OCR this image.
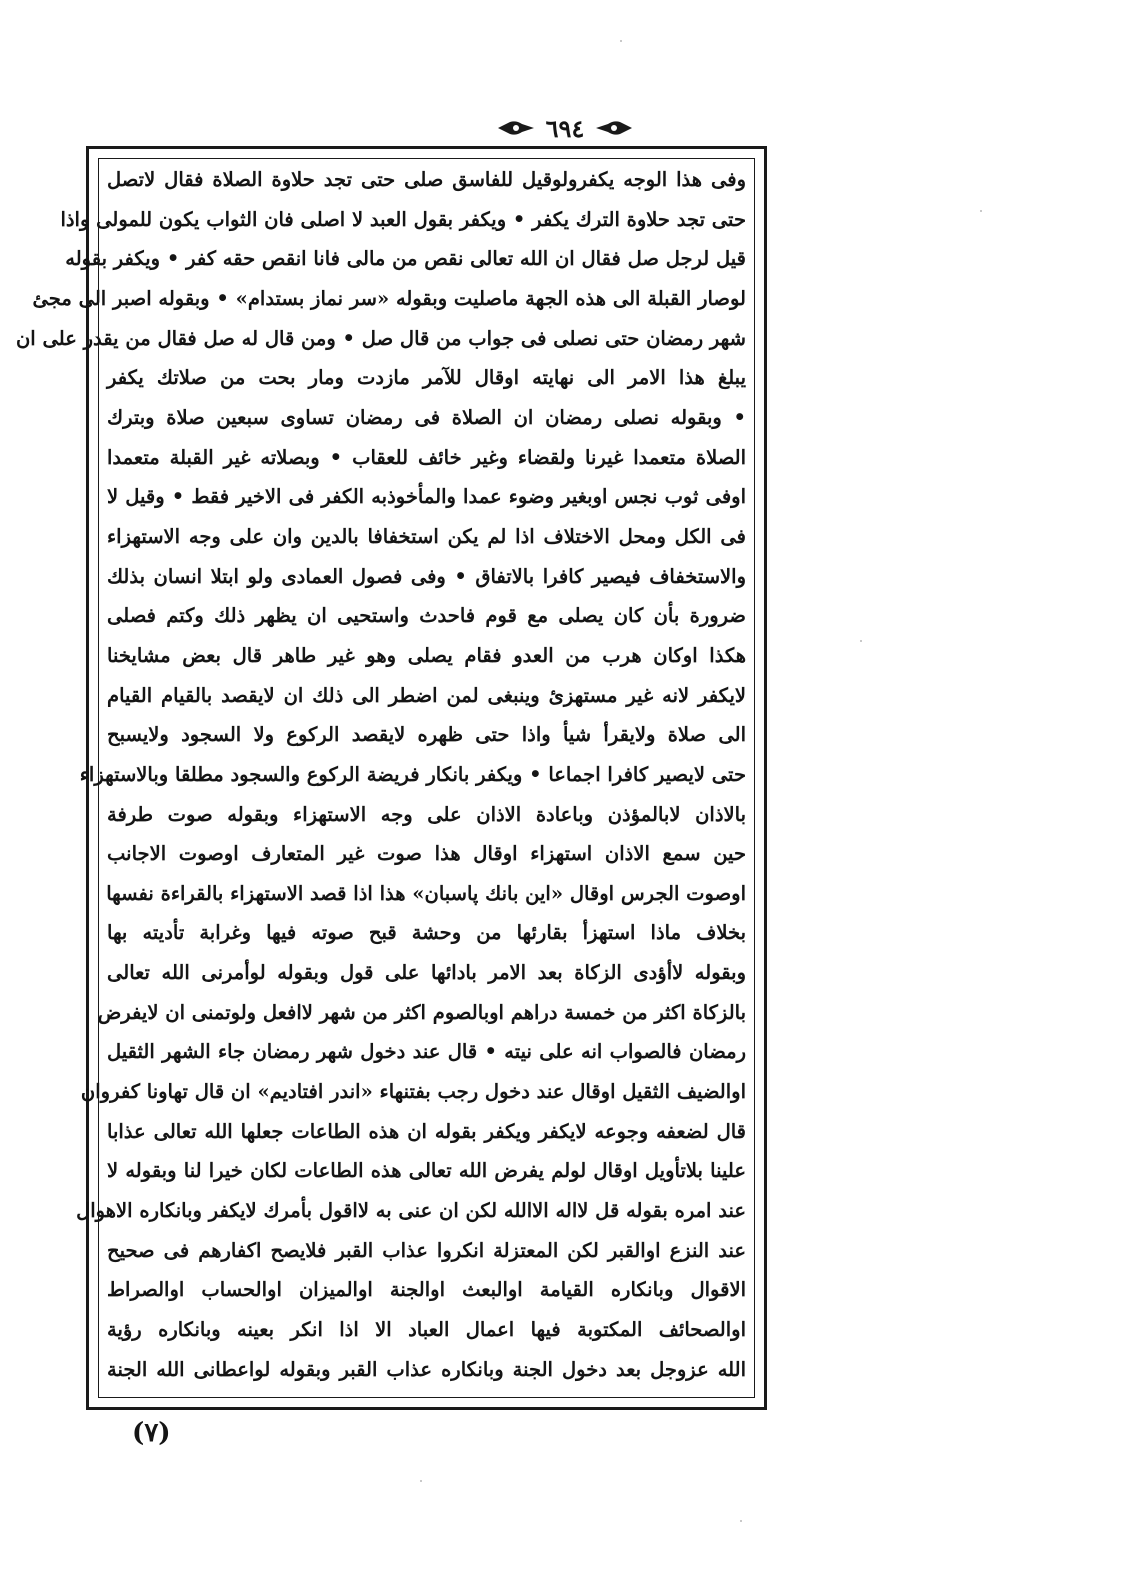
٦٩٤
وفى هذا الوجه يكفرولوقيل للفاسق صلى حتى تجد حلاوة الصلاة فقال لاتصل
حتى تجد حلاوة الترك يكفر • ويكفر بقول العبد لا اصلى فان الثواب يكون للمولى واذا
قيل لرجل صل فقال ان الله تعالى نقص من مالى فانا انقص حقه كفر • ويكفر بقوله
لوصار القبلة الى هذه الجهة ماصليت وبقوله «سر نماز بستدام» • وبقوله اصبر الى مجئ
شهر رمضان حتى نصلى فى جواب من قال صل • ومن قال له صل فقال من يقدر على ان
يبلغ هذا الامر الى نهايته اوقال للآمر مازدت ومار بحت من صلاتك يكفر
• وبقوله نصلى رمضان ان الصلاة فى رمضان تساوى سبعين صلاة وبترك
الصلاة متعمدا غيرنا ولقضاء وغير خائف للعقاب • وبصلاته غير القبلة متعمدا
اوفى ثوب نجس اوبغير وضوء عمدا والمأخوذبه الكفر فى الاخير فقط • وقيل لا
فى الكل ومحل الاختلاف اذا لم يكن استخفافا بالدين وان على وجه الاستهزاء
والاستخفاف فيصير كافرا بالاتفاق • وفى فصول العمادى ولو ابتلا انسان بذلك
ضرورة بأن كان يصلى مع قوم فاحدث واستحيى ان يظهر ذلك وكتم فصلى
هكذا اوكان هرب من العدو فقام يصلى وهو غير طاهر قال بعض مشايخنا
لايكفر لانه غير مستهزئ وينبغى لمن اضطر الى ذلك ان لايقصد بالقيام القيام
الى صلاة ولايقرأ شيأ واذا حتى ظهره لايقصد الركوع ولا السجود ولايسبح
حتى لايصير كافرا اجماعا • ويكفر بانكار فريضة الركوع والسجود مطلقا وبالاستهزاء
بالاذان لابالمؤذن وباعادة الاذان على وجه الاستهزاء وبقوله صوت طرفة
حين سمع الاذان استهزاء اوقال هذا صوت غير المتعارف اوصوت الاجانب
اوصوت الجرس اوقال «اين بانك پاسبان» هذا اذا قصد الاستهزاء بالقراءة نفسها
بخلاف ماذا استهزأ بقارئها من وحشة قبح صوته فيها وغرابة تأديته بها
وبقوله لاأؤدى الزكاة بعد الامر بادائها على قول وبقوله لوأمرنى الله تعالى
بالزكاة اكثر من خمسة دراهم اوبالصوم اكثر من شهر لاافعل ولوتمنى ان لايفرض
رمضان فالصواب انه على نيته • قال عند دخول شهر رمضان جاء الشهر الثقيل
اوالضيف الثقيل اوقال عند دخول رجب بفتنهاء «اندر افتادیم» ان قال تهاونا كفروان
قال لضعفه وجوعه لايكفر ويكفر بقوله ان هذه الطاعات جعلها الله تعالى عذابا
علينا بلاتأويل اوقال لولم يفرض الله تعالى هذه الطاعات لكان خيرا لنا وبقوله لا
عند امره بقوله قل لااله الاالله لكن ان عنى به لااقول بأمرك لايكفر وبانكاره الاهوال
عند النزع اوالقبر لكن المعتزلة انكروا عذاب القبر فلايصح اكفارهم فى صحيح
الاقوال وبانكاره القيامة اوالبعث اوالجنة اوالميزان اوالحساب اوالصراط
اوالصحائف المكتوبة فيها اعمال العباد الا اذا انكر بعينه وبانكاره رؤية
الله عزوجل بعد دخول الجنة وبانكاره عذاب القبر وبقوله لواعطانى الله الجنة
(٧)
